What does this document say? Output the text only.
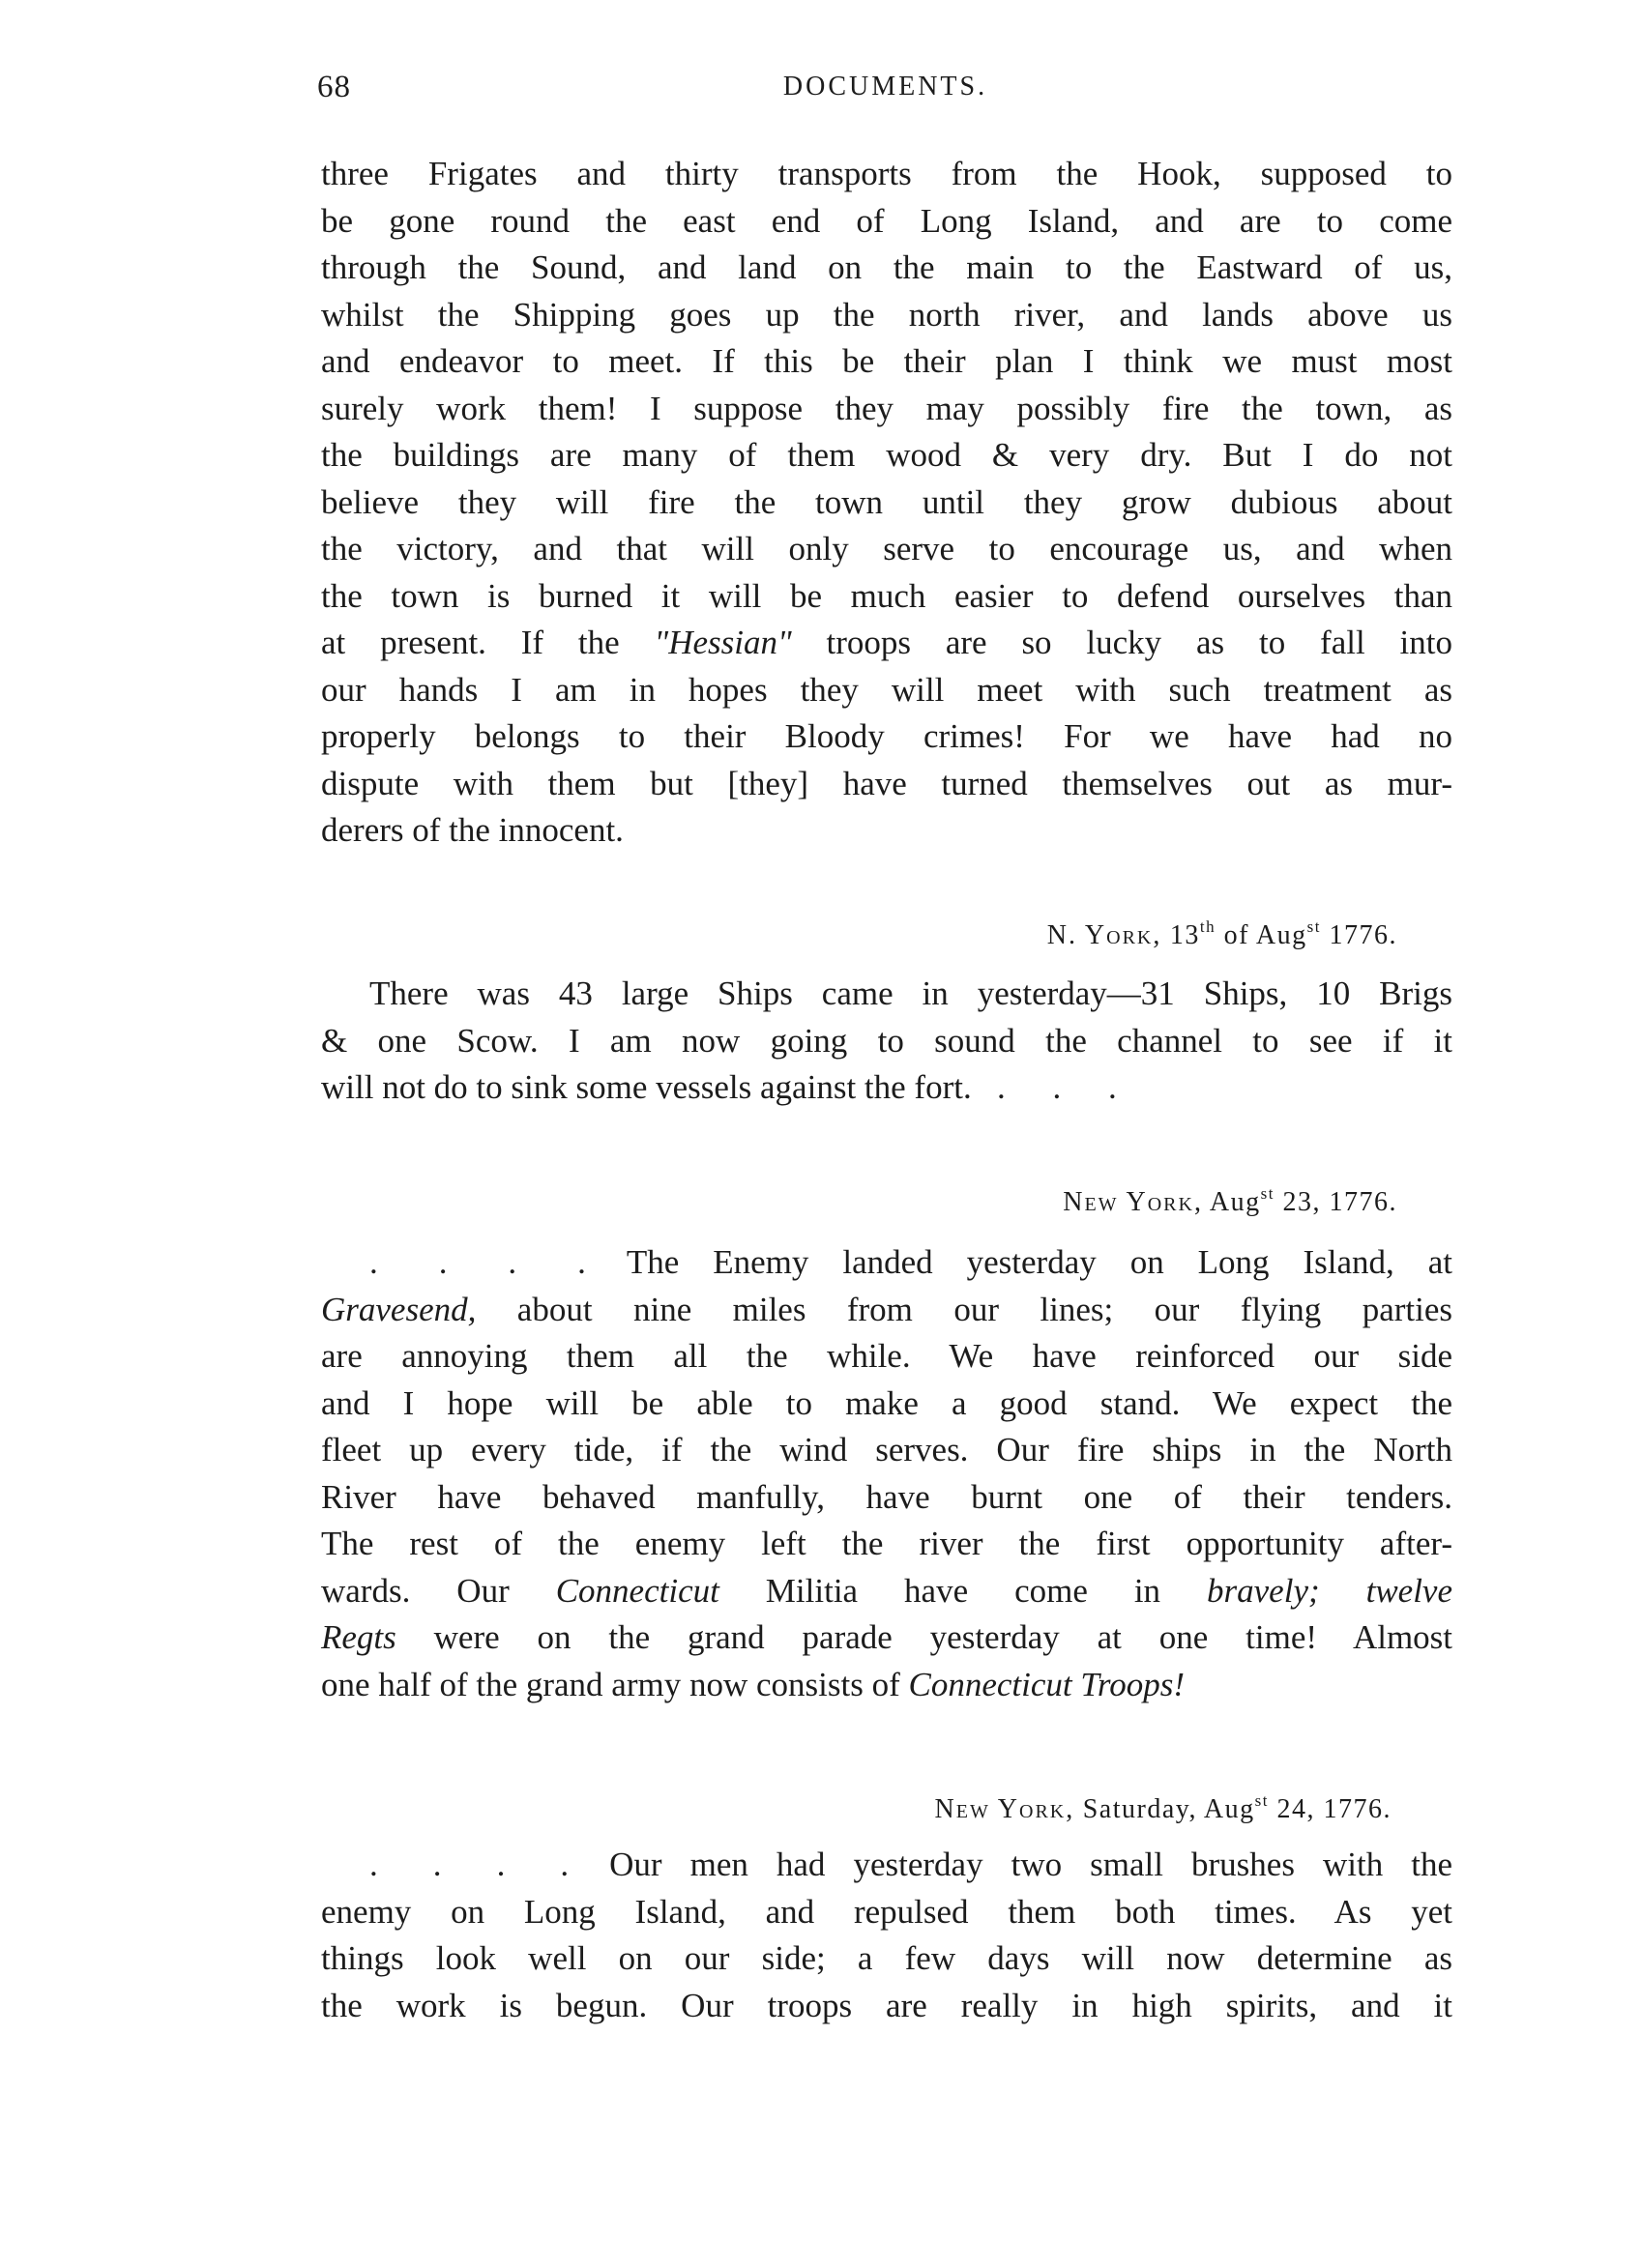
68	DOCUMENTS.
three Frigates and thirty transports from the Hook, supposed to
be gone round the east end of Long Island, and are to come
through the Sound, and land on the main to the Eastward of us,
whilst the Shipping goes up the north river, and lands above us
and endeavor to meet. If this be their plan I think we must most
surely work them! I suppose they may possibly fire the town, as
the buildings are many of them wood & very dry. But I do not
believe they will fire the town until they grow dubious about
the victory, and that will only serve to encourage us, and when
the town is burned it will be much easier to defend ourselves than
at present. If the "Hessian" troops are so lucky as to fall into
our hands I am in hopes they will meet with such treatment as
properly belongs to their Bloody crimes! For we have had no
dispute with them but [they] have turned themselves out as mur-
derers of the innocent.
N. York, 13th of Aug$^{st}$ 1776.
There was 43 large Ships came in yesterday—31 Ships, 10 Brigs
& one Scow. I am now going to sound the channel to see if it
will not do to sink some vessels against the fort. . . .
New York, Aug$^{st}$ 23, 1776.
. . . . The Enemy landed yesterday on Long Island, at
Gravesend, about nine miles from our lines; our flying parties
are annoying them all the while. We have reinforced our side
and I hope will be able to make a good stand. We expect the
fleet up every tide, if the wind serves. Our fire ships in the North
River have behaved manfully, have burnt one of their tenders.
The rest of the enemy left the river the first opportunity after-
wards. Our Connecticut Militia have come in bravely; twelve
Regts were on the grand parade yesterday at one time! Almost
one half of the grand army now consists of Connecticut Troops!
New York, Saturday, Aug$^{st}$ 24, 1776.
. . . . Our men had yesterday two small brushes with the
enemy on Long Island, and repulsed them both times. As yet
things look well on our side; a few days will now determine as
the work is begun. Our troops are really in high spirits, and it
